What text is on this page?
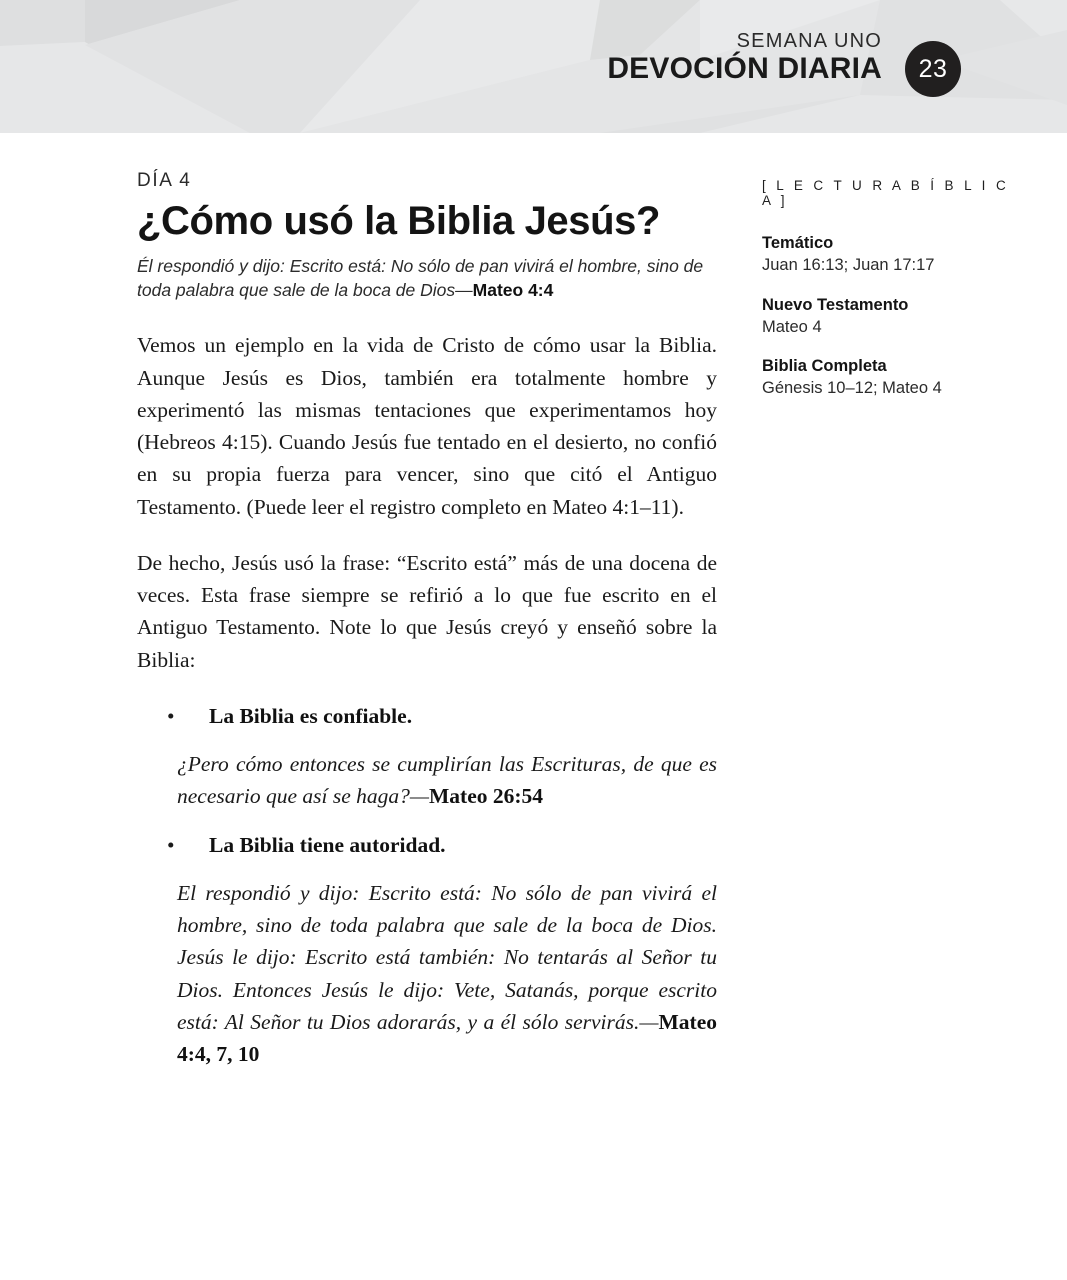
SEMANA UNO

DEVOCIÓN DIARIA	23

DÍA 4

¿Cómo usó la Biblia Jesús?

Él respondió y dijo: Escrito está: No sólo de pan vivirá el hombre, sino de toda palabra que sale de la boca de Dios—Mateo 4:4

Vemos un ejemplo en la vida de Cristo de cómo usar la Biblia. Aunque Jesús es Dios, también era totalmente hombre y experimentó las mismas tentaciones que experimentamos hoy (Hebreos 4:15). Cuando Jesús fue tentado en el desierto, no confió en su propia fuerza para vencer, sino que citó el Antiguo Testamento. (Puede leer el registro completo en Mateo 4:1–11).

De hecho, Jesús usó la frase: “Escrito está” más de una docena de veces. Esta frase siempre se refirió a lo que fue escrito en el Antiguo Testamento. Note lo que Jesús creyó y enseñó sobre la Biblia:

•	La Biblia es confiable.

¿Pero cómo entonces se cumplirían las Escrituras, de que es necesario que así se haga?—Mateo 26:54

•	La Biblia tiene autoridad.

El respondió y dijo: Escrito está: No sólo de pan vivirá el hombre, sino de toda palabra que sale de la boca de Dios. Jesús le dijo: Escrito está también: No tentarás al Señor tu Dios. Entonces Jesús le dijo: Vete, Satanás, porque escrito está: Al Señor tu Dios adorarás, y a él sólo servirás.—Mateo 4:4, 7, 10

[ L E C T U R A B Í B L I C A ]

Temático

Juan 16:13; Juan 17:17

Nuevo Testamento

Mateo 4

Biblia Completa

Génesis 10–12; Mateo 4
